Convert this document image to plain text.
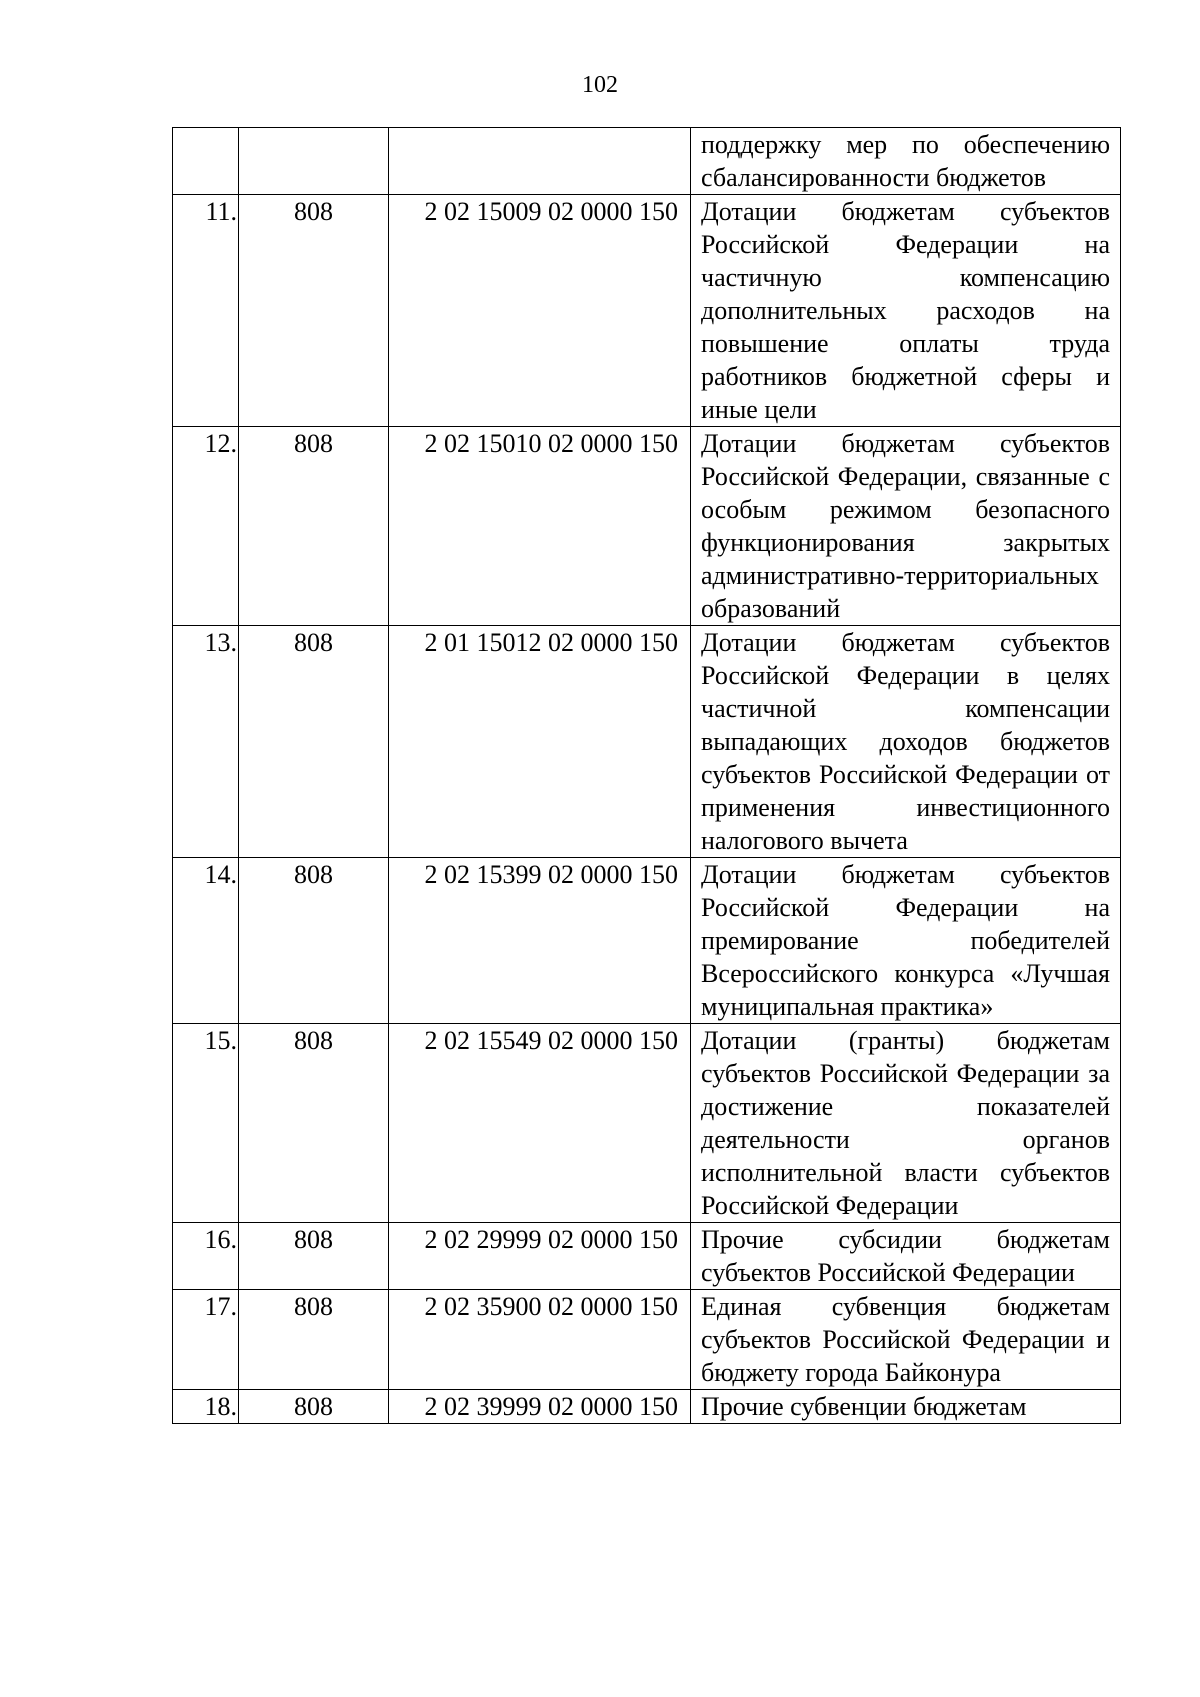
102

			поддержку мер по обеспечению сбалансированности бюджетов

11.	808	2 02 15009 02 0000 150	Дотации бюджетам субъектов Российской Федерации на частичную компенсацию дополнительных расходов на повышение оплаты труда работников бюджетной сферы и иные цели

12.	808	2 02 15010 02 0000 150	Дотации бюджетам субъектов Российской Федерации, связанные с особым режимом безопасного функционирования закрытых административно-территориальных образований

13.	808	2 01 15012 02 0000 150	Дотации бюджетам субъектов Российской Федерации в целях частичной компенсации выпадающих доходов бюджетов субъектов Российской Федерации от применения инвестиционного налогового вычета

14.	808	2 02 15399 02 0000 150	Дотации бюджетам субъектов Российской Федерации на премирование победителей Всероссийского конкурса «Лучшая муниципальная практика»

15.	808	2 02 15549 02 0000 150	Дотации (гранты) бюджетам субъектов Российской Федерации за достижение показателей деятельности органов исполнительной власти субъектов Российской Федерации

16.	808	2 02 29999 02 0000 150	Прочие субсидии бюджетам субъектов Российской Федерации

17.	808	2 02 35900 02 0000 150	Единая субвенция бюджетам субъектов Российской Федерации и бюджету города Байконура

18.	808	2 02 39999 02 0000 150	Прочие субвенции бюджетам
